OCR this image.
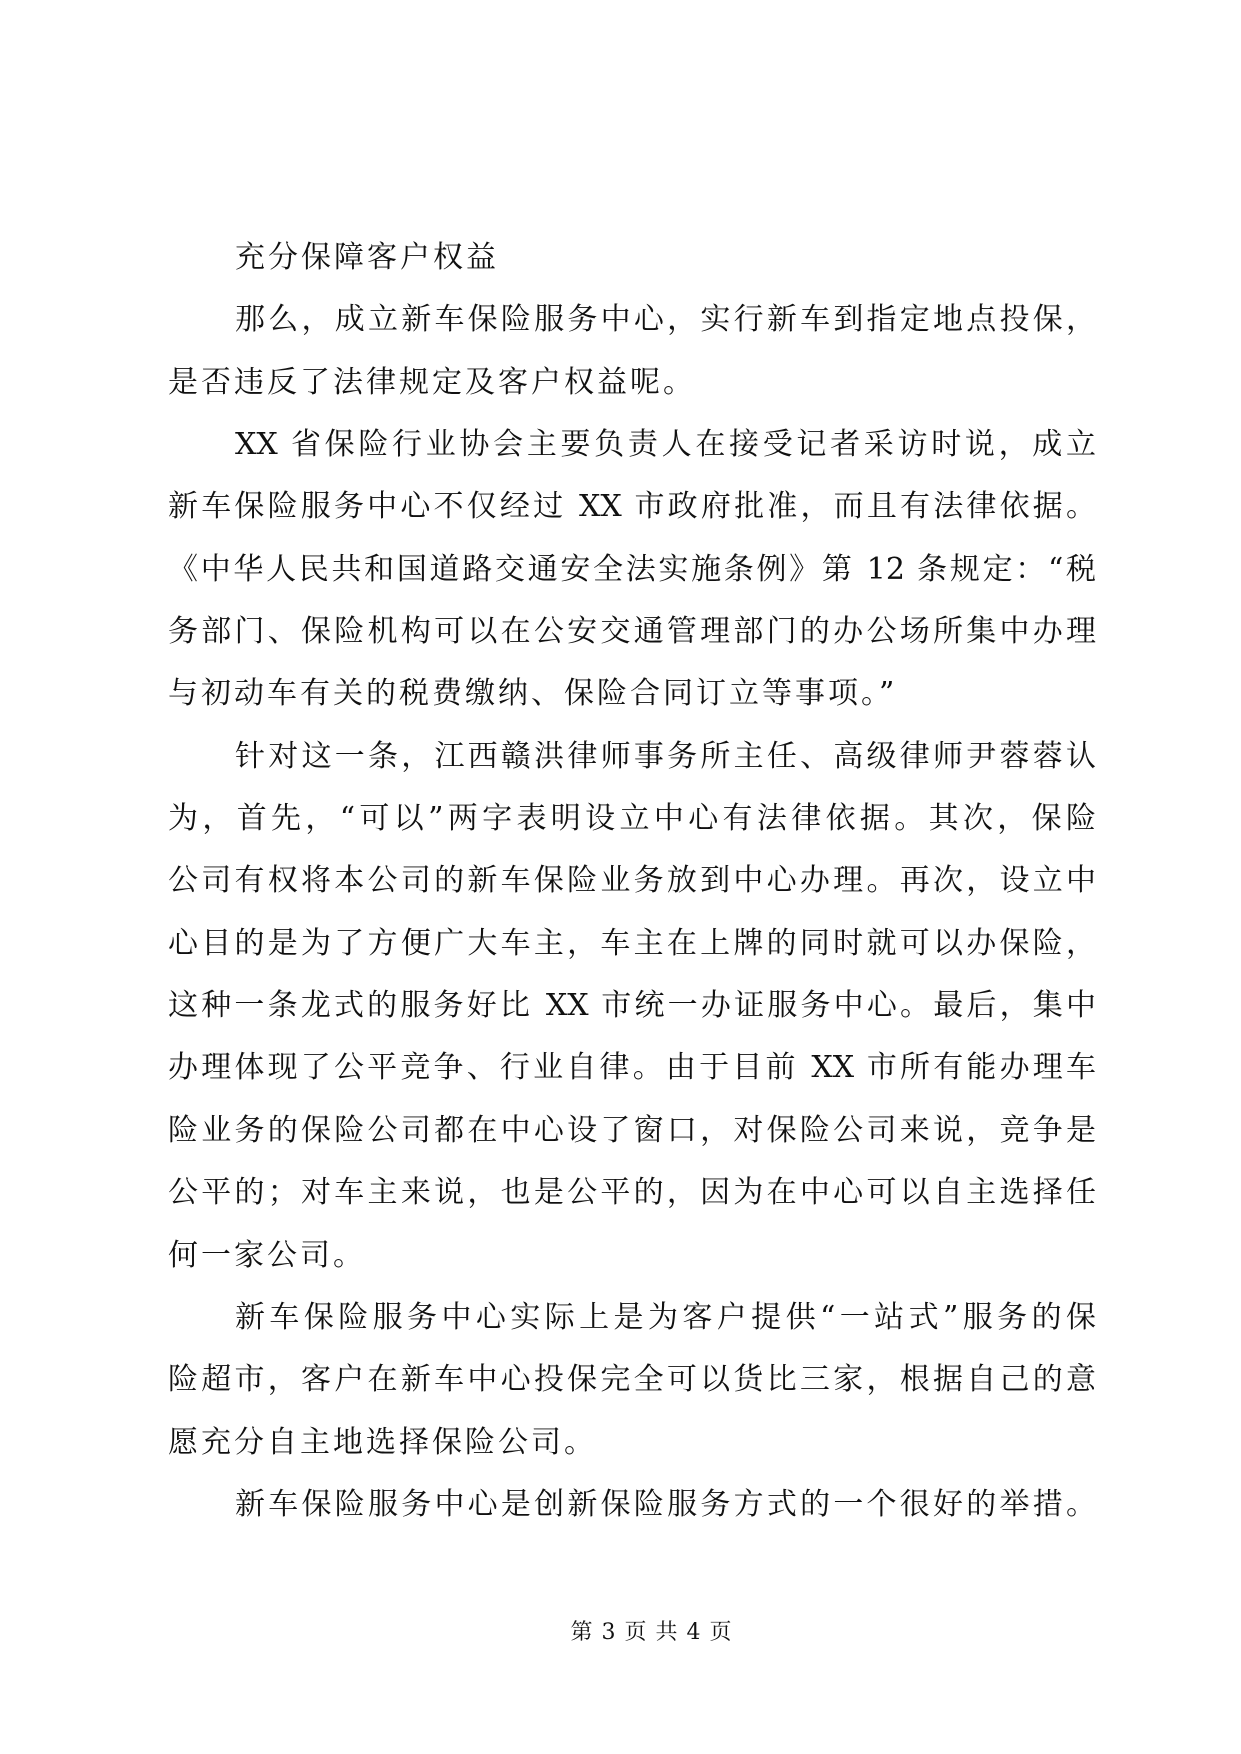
充分保障客户权益
那么，成立新车保险服务中心，实行新车到指定地点投保，
是否违反了法律规定及客户权益呢。
XX 省保险行业协会主要负责人在接受记者采访时说，成立
新车保险服务中心不仅经过 XX 市政府批准，而且有法律依据。
《中华人民共和国道路交通安全法实施条例》第 12 条规定：“税
务部门、保险机构可以在公安交通管理部门的办公场所集中办理
与初动车有关的税费缴纳、保险合同订立等事项。”
针对这一条，江西赣洪律师事务所主任、高级律师尹蓉蓉认
为，首先，“可以”两字表明设立中心有法律依据。其次，保险
公司有权将本公司的新车保险业务放到中心办理。再次，设立中
心目的是为了方便广大车主，车主在上牌的同时就可以办保险，
这种一条龙式的服务好比 XX 市统一办证服务中心。最后，集中
办理体现了公平竞争、行业自律。由于目前 XX 市所有能办理车
险业务的保险公司都在中心设了窗口，对保险公司来说，竞争是
公平的；对车主来说，也是公平的，因为在中心可以自主选择任
何一家公司。
新车保险服务中心实际上是为客户提供“一站式”服务的保
险超市，客户在新车中心投保完全可以货比三家，根据自己的意
愿充分自主地选择保险公司。
新车保险服务中心是创新保险服务方式的一个很好的举措。
第 3 页 共 4 页
